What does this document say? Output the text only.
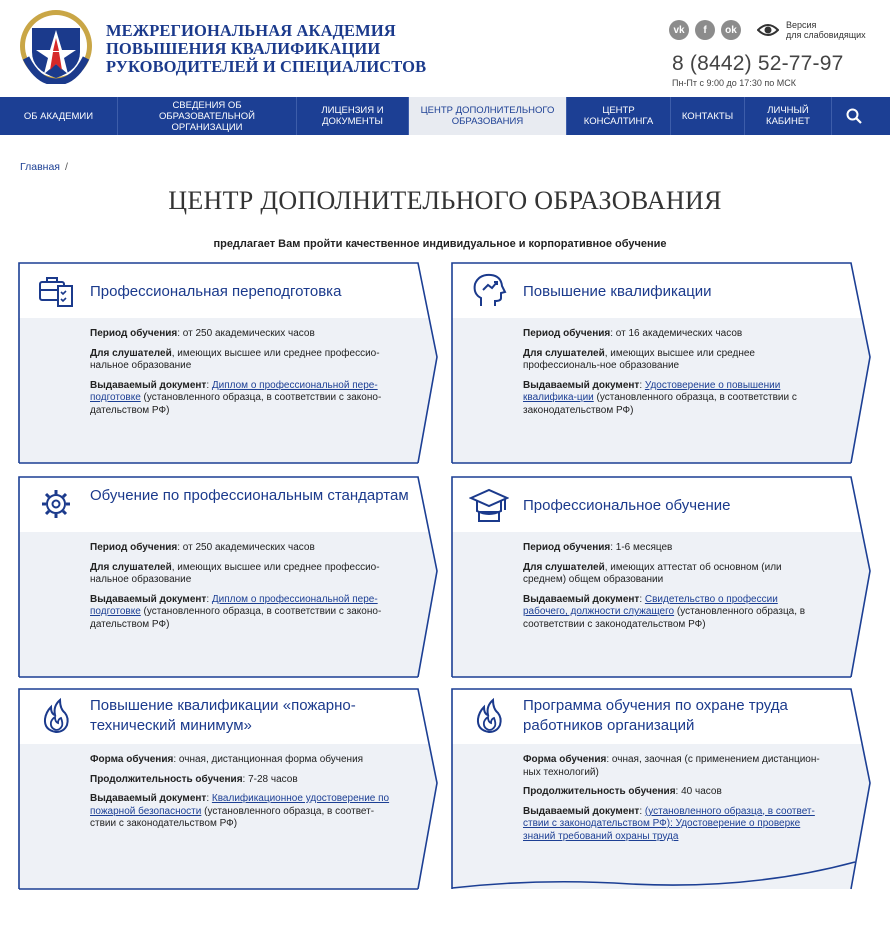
МЕЖРЕГИОНАЛЬНАЯ АКАДЕМИЯ
ПОВЫШЕНИЯ КВАЛИФИКАЦИИ
РУКОВОДИТЕЛЕЙ И СПЕЦИАЛИСТОВ
vk	f	ok	Версия
для слабовидящих
8 (8442) 52-77-97
Пн-Пт с 9:00 до 17:30 по МСК
ОБ АКАДЕМИИ
СВЕДЕНИЯ ОБ ОБРАЗОВАТЕЛЬНОЙ ОРГАНИЗАЦИИ
ЛИЦЕНЗИЯ И ДОКУМЕНТЫ
ЦЕНТР ДОПОЛНИТЕЛЬНОГО ОБРАЗОВАНИЯ
ЦЕНТР КОНСАЛТИНГА	КОНТАКТЫ	ЛИЧНЫЙ КАБИНЕТ
Главная /
ЦЕНТР ДОПОЛНИТЕЛЬНОГО ОБРАЗОВАНИЯ
предлагает Вам пройти качественное индивидуальное и корпоративное обучение
Профессиональная переподготовка
Период обучения: от 250 академических часов
Для слушателей, имеющих высшее или среднее профессио-нальное образование
Выдаваемый документ: Диплом о профессиональной пере-подготовке (установленного образца, в соответствии с законо-дательством РФ)
Повышение квалификации
Период обучения: от 16 академических часов
Для слушателей, имеющих высшее или среднее профессиональ-ное образование
Выдаваемый документ: Удостоверение о повышении квалифика-ции (установленного образца, в соответствии с законодательством РФ)
Обучение по профессиональным стандартам
Период обучения: от 250 академических часов
Для слушателей, имеющих высшее или среднее профессио-нальное образование
Выдаваемый документ: Диплом о профессиональной пере-подготовке (установленного образца, в соответствии с законо-дательством РФ)
Профессиональное обучение
Период обучения: 1-6 месяцев
Для слушателей, имеющих аттестат об основном (или среднем) общем образовании
Выдаваемый документ: Свидетельство о профессии рабочего, должности служащего (установленного образца, в соответствии с законодательством РФ)
Повышение квалификации «пожарно-технический минимум»
Форма обучения: очная, дистанционная форма обучения
Продолжительность обучения: 7-28 часов
Выдаваемый документ: Квалификационное удостоверение по пожарной безопасности (установленного образца, в соответ-ствии с законодательством РФ)
Программа обучения по охране труда работников организаций
Форма обучения: очная, заочная (с применением дистанцион-ных технологий)
Продолжительность обучения: 40 часов
Выдаваемый документ: (установленного образца, в соответ-ствии с законодательством РФ): Удостоверение о проверке знаний требований охраны труда
